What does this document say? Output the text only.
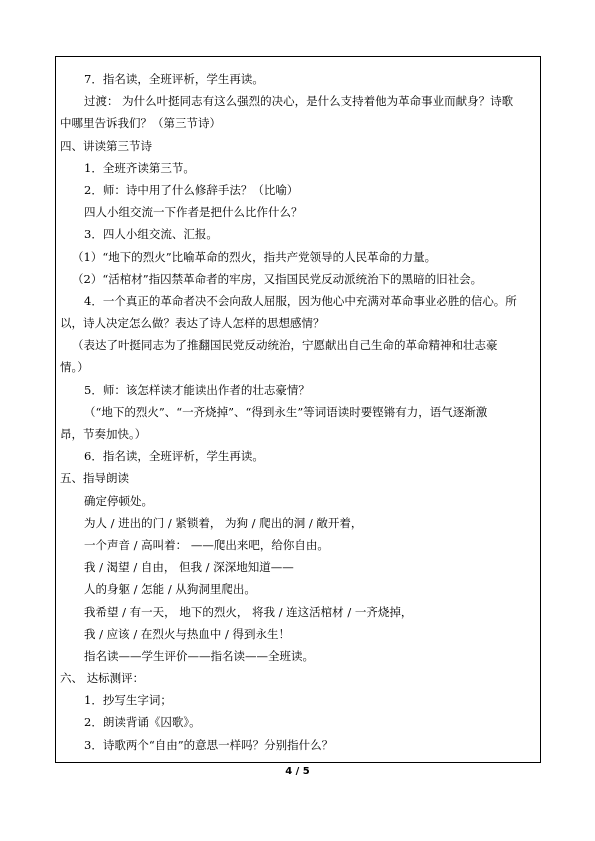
7．指名读，全班评析，学生再读。
过渡： 为什么叶挺同志有这么强烈的决心，是什么支持着他为革命事业而献身？诗歌
中哪里告诉我们？（第三节诗）
四、讲读第三节诗
1．全班齐读第三节。
2．师：诗中用了什么修辞手法？（比喻）
四人小组交流一下作者是把什么比作什么？
3．四人小组交流、汇报。
（1）“地下的烈火”比喻革命的烈火，指共产党领导的人民革命的力量。
（2）“活棺材”指囚禁革命者的牢房，又指国民党反动派统治下的黑暗的旧社会。
4．一个真正的革命者决不会向敌人屈服，因为他心中充满对革命事业必胜的信心。所
以，诗人决定怎么做？表达了诗人怎样的思想感情？
（表达了叶挺同志为了推翻国民党反动统治，宁愿献出自己生命的革命精神和壮志豪
情。）
5．师：该怎样读才能读出作者的壮志豪情？
（“地下的烈火”、“一齐烧掉”、“得到永生”等词语读时要铿锵有力，语气逐渐激
昂，节奏加快。）
6．指名读，全班评析，学生再读。
五、指导朗读
确定停顿处。
为人 / 进出的门 / 紧锁着， 为狗 / 爬出的洞 / 敞开着，
一个声音 / 高叫着： ——爬出来吧，给你自由。
我 / 渴望 / 自由， 但我 / 深深地知道——
人的身躯 / 怎能 / 从狗洞里爬出。
我希望 / 有一天， 地下的烈火， 将我 / 连这活棺材 / 一齐烧掉，
我 / 应该 / 在烈火与热血中 / 得到永生！
指名读——学生评价——指名读——全班读。
六、 达标测评：
1．抄写生字词；
2．朗读背诵《囚歌》。
3．诗歌两个“自由”的意思一样吗？分别指什么？
4 / 5
